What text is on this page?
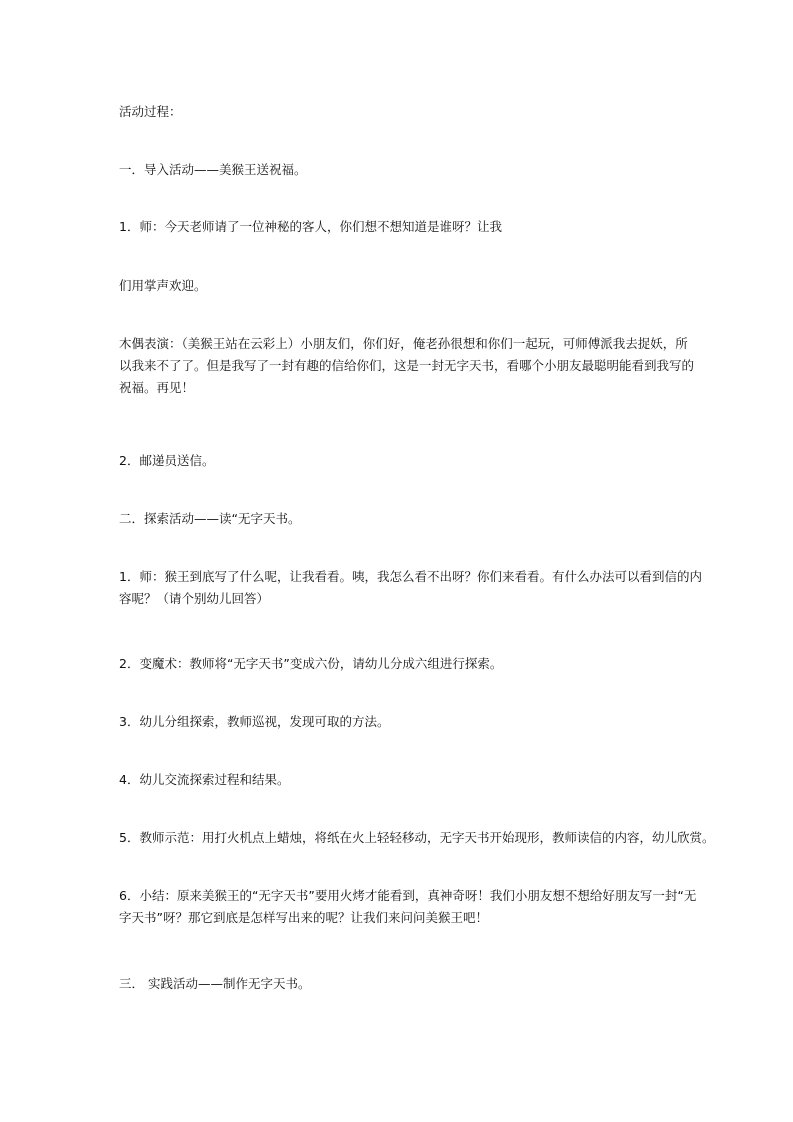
活动过程：

一．导入活动——美猴王送祝福。

1．师：今天老师请了一位神秘的客人，你们想不想知道是谁呀？让我

们用掌声欢迎。

木偶表演：（美猴王站在云彩上）小朋友们，你们好，俺老孙很想和你们一起玩，可师傅派我去捉妖，所
以我来不了了。但是我写了一封有趣的信给你们，这是一封无字天书，看哪个小朋友最聪明能看到我写的
祝福。再见！

2．邮递员送信。

二．探索活动——读“无字天书。

1．师：猴王到底写了什么呢，让我看看。咦，我怎么看不出呀？你们来看看。有什么办法可以看到信的内
容呢？（请个别幼儿回答）

2．变魔术：教师将“无字天书”变成六份，请幼儿分成六组进行探索。

3．幼儿分组探索，教师巡视，发现可取的方法。

4．幼儿交流探索过程和结果。

5．教师示范：用打火机点上蜡烛，将纸在火上轻轻移动，无字天书开始现形，教师读信的内容，幼儿欣赏。

6．小结：原来美猴王的“无字天书”要用火烤才能看到，真神奇呀！我们小朋友想不想给好朋友写一封“无
字天书”呀？那它到底是怎样写出来的呢？让我们来问问美猴王吧！

三． 实践活动——制作无字天书。
